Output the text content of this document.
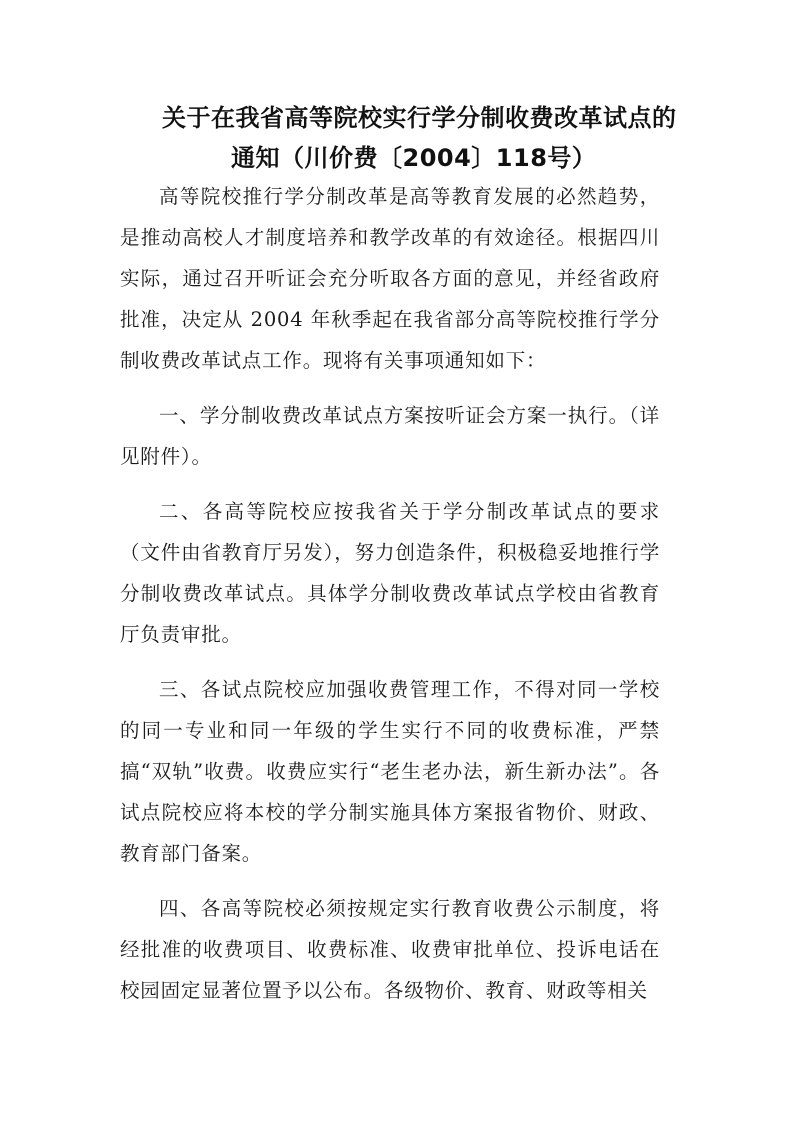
关于在我省高等院校实行学分制收费改革试点的
通知（川价费〔2004〕118号）

高等院校推行学分制改革是高等教育发展的必然趋势，是推动高校人才制度培养和教学改革的有效途径。根据四川实际，通过召开听证会充分听取各方面的意见，并经省政府批准，决定从 2004 年秋季起在我省部分高等院校推行学分制收费改革试点工作。现将有关事项通知如下：

一、学分制收费改革试点方案按听证会方案一执行。（详见附件）。

二、各高等院校应按我省关于学分制改革试点的要求（文件由省教育厅另发），努力创造条件，积极稳妥地推行学分制收费改革试点。具体学分制收费改革试点学校由省教育厅负责审批。

三、各试点院校应加强收费管理工作，不得对同一学校的同一专业和同一年级的学生实行不同的收费标准，严禁搞“双轨”收费。收费应实行“老生老办法，新生新办法”。各试点院校应将本校的学分制实施具体方案报省物价、财政、教育部门备案。

四、各高等院校必须按规定实行教育收费公示制度，将经批准的收费项目、收费标准、收费审批单位、投诉电话在校园固定显著位置予以公布。各级物价、教育、财政等相关
